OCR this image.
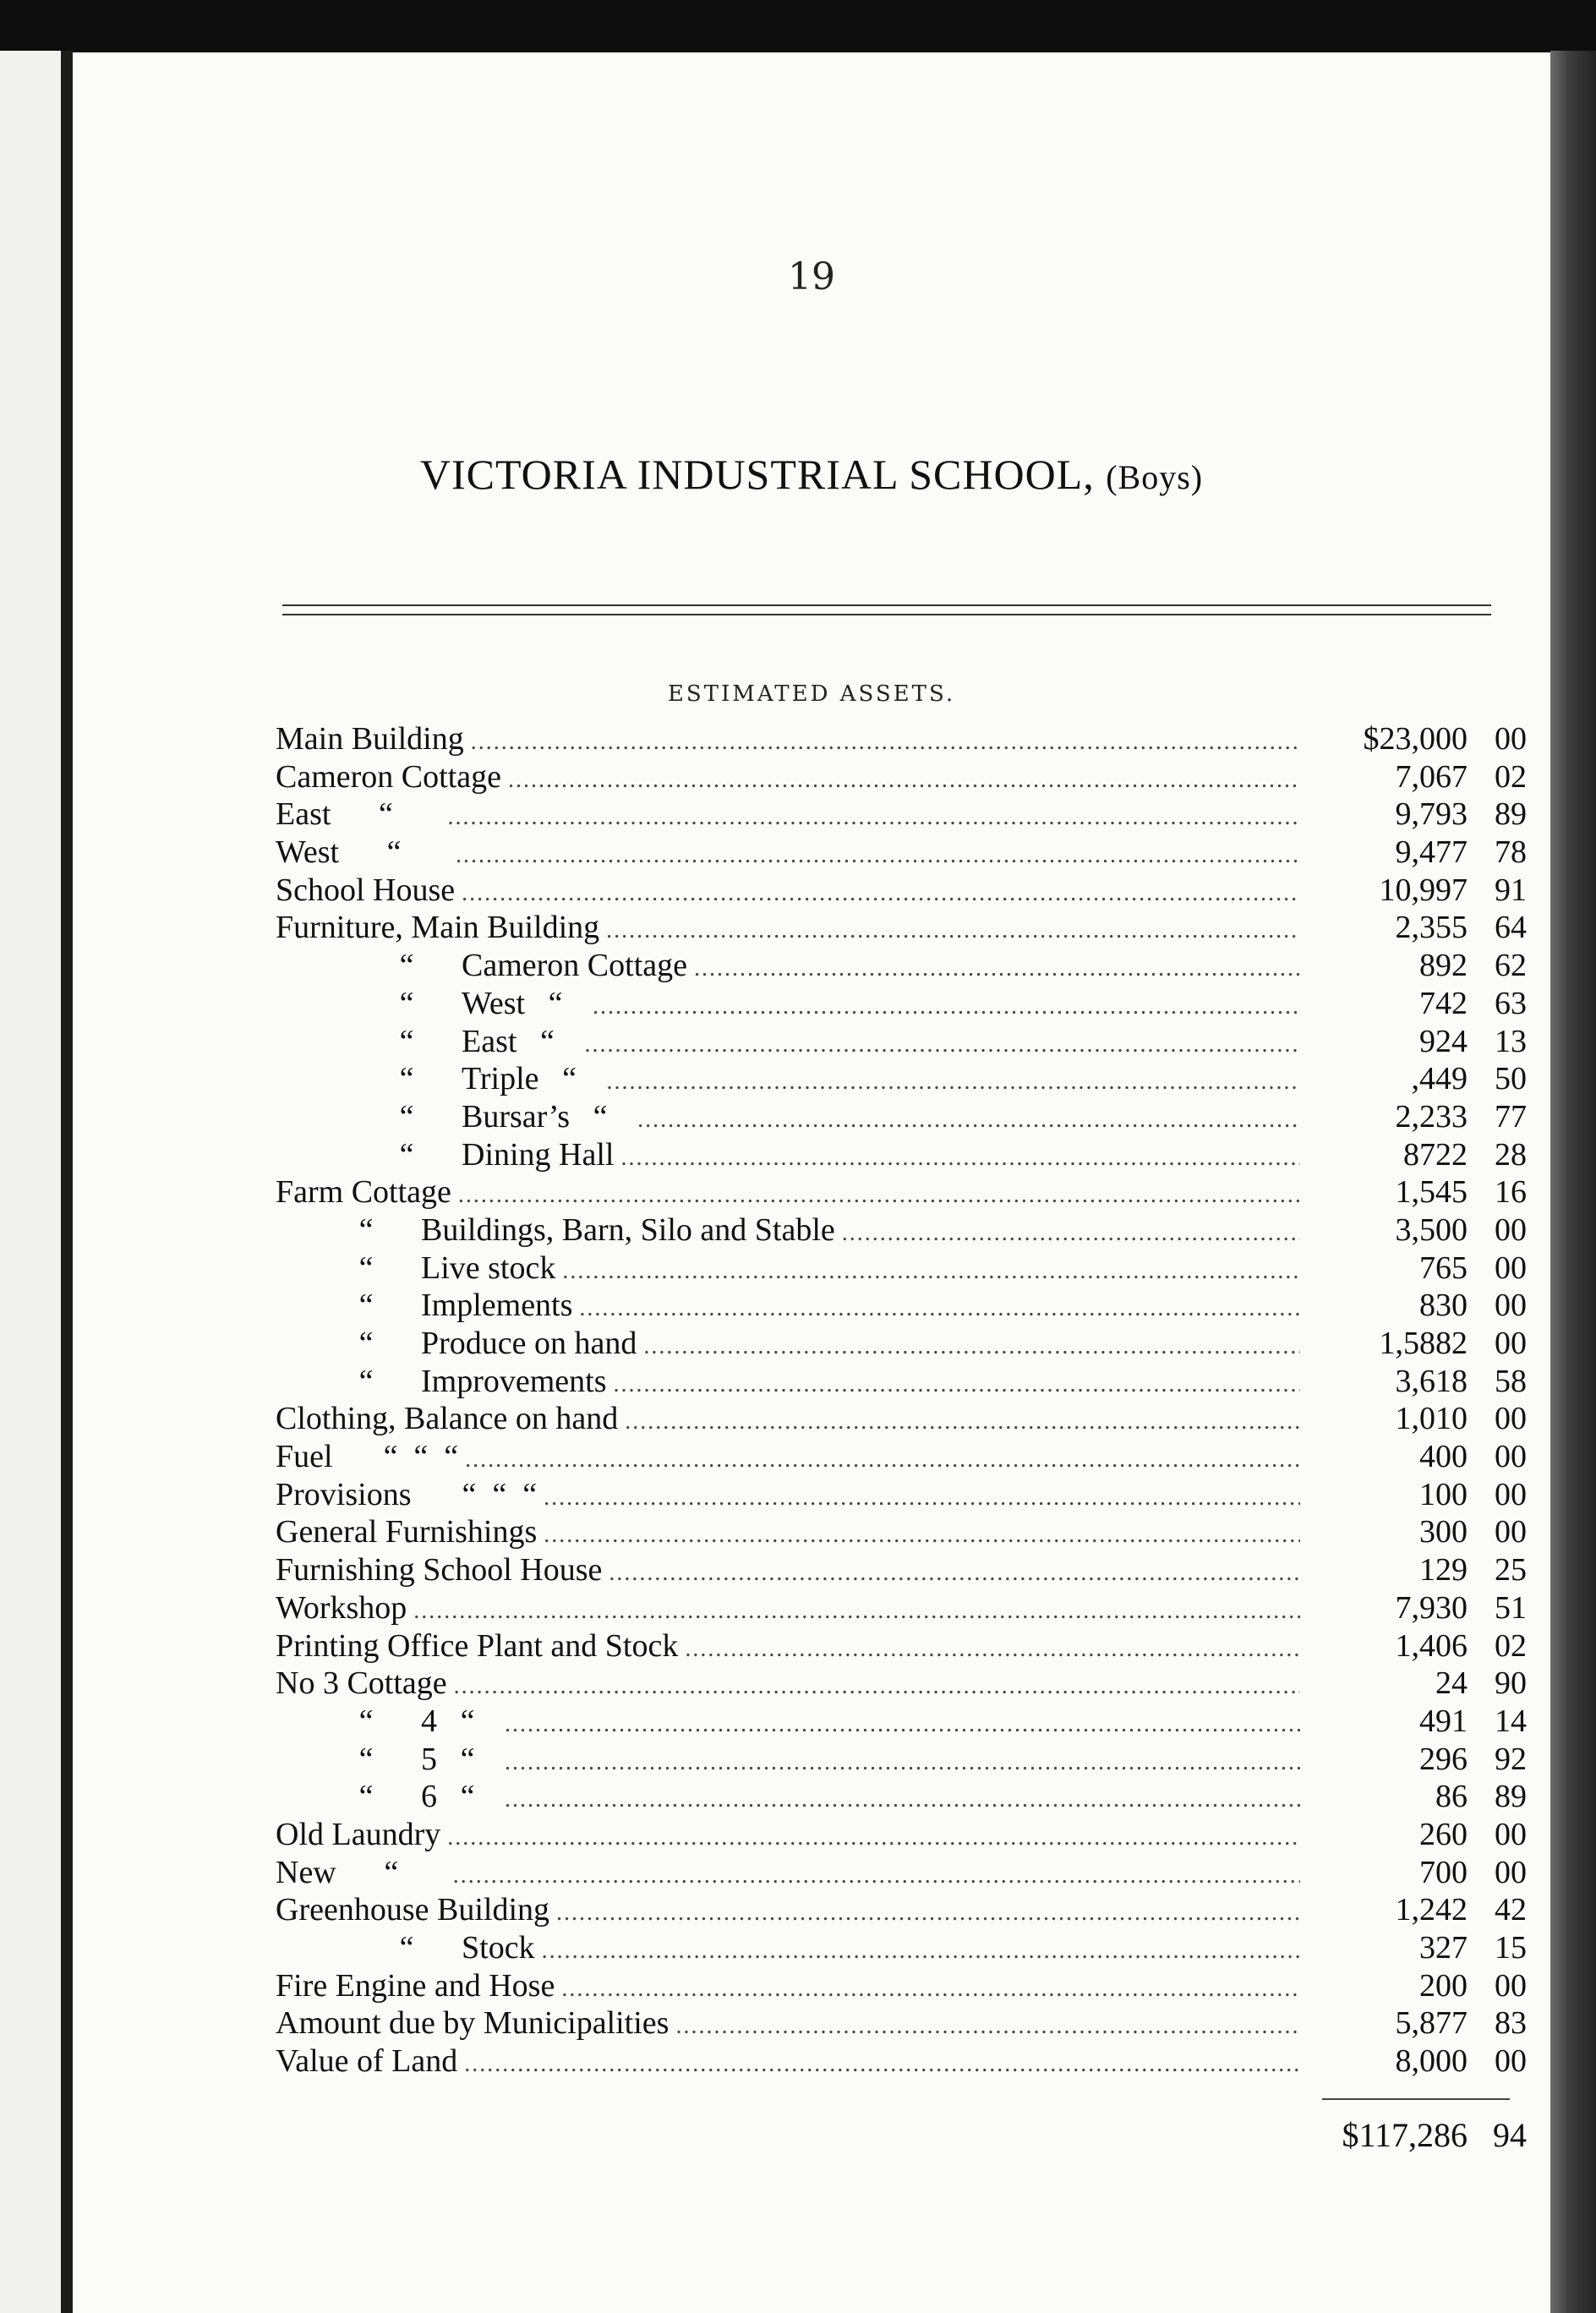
19
VICTORIA INDUSTRIAL SCHOOL, (Boys)
ESTIMATED ASSETS.
Main Building .....	$23,000 00
Cameron Cottage .....	7,067 02
East “ .....	9,793 89
West “ .....	9,477 78
School House .....	10,997 91
Furniture, Main Building .....	2,355 64
“ Cameron Cottage .....	892 62
“ West “ .....	742 63
“ East “ .....	924 13
“ Triple “ .....	,449 50
“ Bursar’s “ .....	2,233 77
“ Dining Hall .....	8722 28
Farm Cottage .....	1,545 16
“ Buildings, Barn, Silo and Stable .....	3,500 00
“ Live stock .....	765 00
“ Implements .....	830 00
“ Produce on hand .....	1,5882 00
“ Improvements .....	3,618 58
Clothing, Balance on hand .....	1,010 00
Fuel “  “  “ .....	400 00
Provisions “  “  “ .....	100 00
General Furnishings .....	300 00
Furnishing School House .....	129 25
Workshop .....	7,930 51
Printing Office Plant and Stock .....	1,406 02
No 3 Cottage .....	24 90
“ 4 “ .....	491 14
“ 5 “ .....	296 92
“ 6 “ .....	86 89
Old Laundry .....	260 00
New “ .....	700 00
Greenhouse Building .....	1,242 42
“ Stock .....	327 15
Fire Engine and Hose .....	200 00
Amount due by Municipalities .....	5,877 83
Value of Land .....	8,000 00
$117,286 94
